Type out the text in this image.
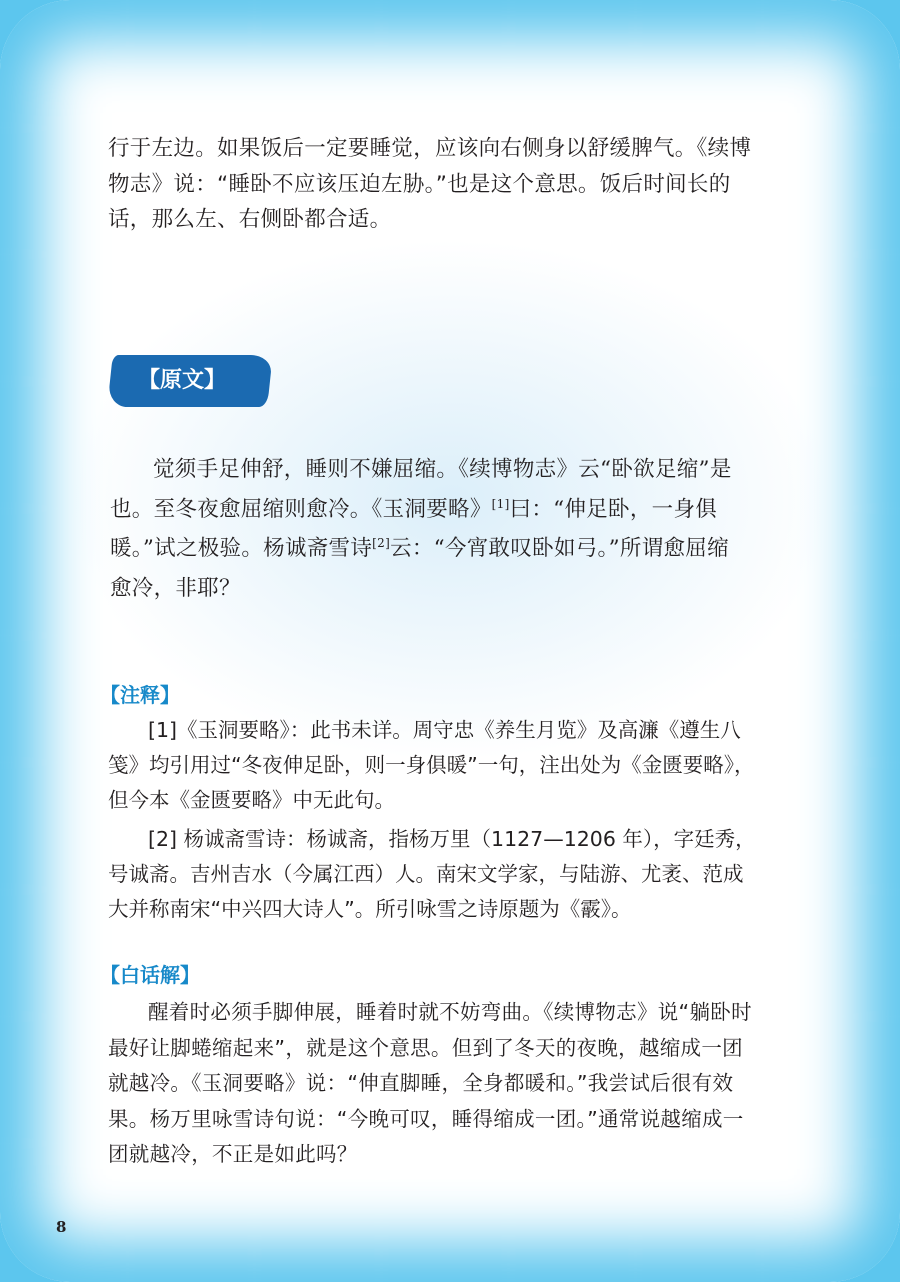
行于左边。如果饭后一定要睡觉，应该向右侧身以舒缓脾气。《续博物志》说：“睡卧不应该压迫左胁。”也是这个意思。饭后时间长的话，那么左、右侧卧都合适。

【原文】

觉须手足伸舒，睡则不嫌屈缩。《续博物志》云“卧欲足缩”是也。至冬夜愈屈缩则愈冷。《玉洞要略》[1]曰：“伸足卧，一身俱暖。”试之极验。杨诚斋雪诗[2]云：“今宵敢叹卧如弓。”所谓愈屈缩愈冷，非耶？

【注释】

[1]《玉洞要略》：此书未详。周守忠《养生月览》及高濂《遵生八笺》均引用过“冬夜伸足卧，则一身俱暖”一句，注出处为《金匮要略》，但今本《金匮要略》中无此句。

[2] 杨诚斋雪诗：杨诚斋，指杨万里（1127—1206 年），字廷秀，号诚斋。吉州吉水（今属江西）人。南宋文学家，与陆游、尤袤、范成大并称南宋“中兴四大诗人”。所引咏雪之诗原题为《霰》。

【白话解】

醒着时必须手脚伸展，睡着时就不妨弯曲。《续博物志》说“躺卧时最好让脚蜷缩起来”，就是这个意思。但到了冬天的夜晚，越缩成一团就越冷。《玉洞要略》说：“伸直脚睡，全身都暖和。”我尝试后很有效果。杨万里咏雪诗句说：“今晚可叹，睡得缩成一团。”通常说越缩成一团就越冷，不正是如此吗？

8
